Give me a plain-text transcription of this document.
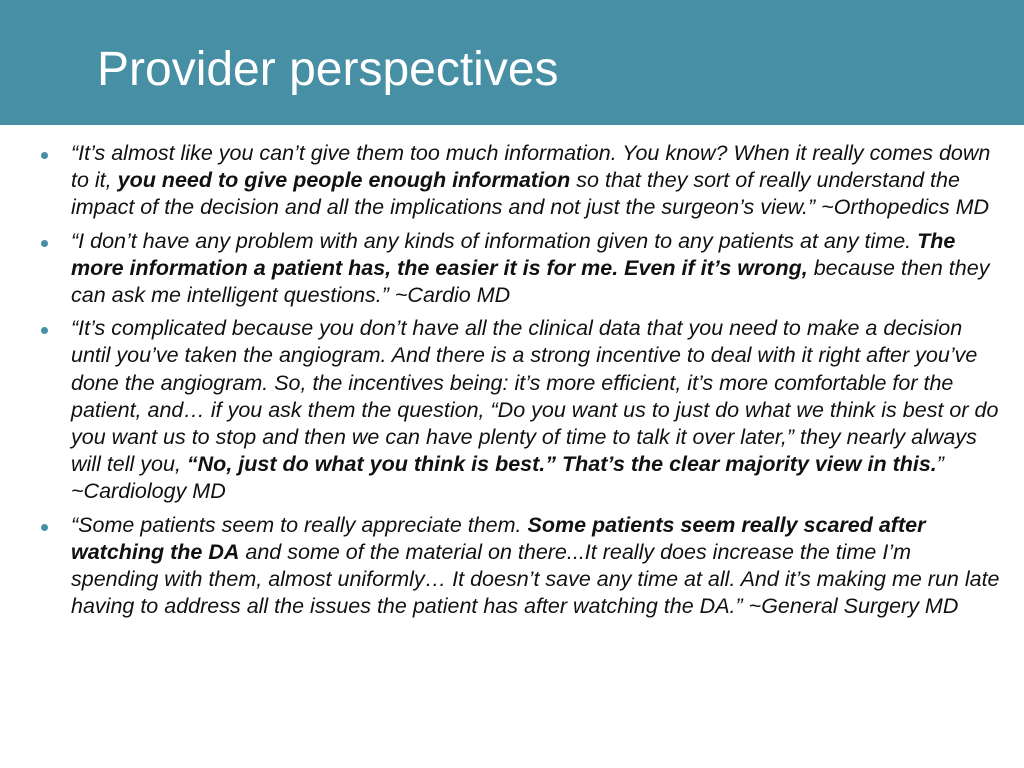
Provider perspectives
“It’s almost like you can’t give them too much information. You know? When it really comes down to it, you need to give people enough information so that they sort of really understand the impact of the decision and all the implications and not just the surgeon’s view.” ~Orthopedics MD
“I don’t have any problem with any kinds of information given to any patients at any time. The more information a patient has, the easier it is for me. Even if it’s wrong, because then they can ask me intelligent questions.” ~Cardio MD
“It’s complicated because you don’t have all the clinical data that you need to make a decision until you’ve taken the angiogram. And there is a strong incentive to deal with it right after you’ve done the angiogram. So, the incentives being: it’s more efficient, it’s more comfortable for the patient, and… if you ask them the question, “Do you want us to just do what we think is best or do you want us to stop and then we can have plenty of time to talk it over later,” they nearly always will tell you, “No, just do what you think is best.” That’s the clear majority view in this.” ~Cardiology MD
“Some patients seem to really appreciate them. Some patients seem really scared after watching the DA and some of the material on there...It really does increase the time I’m spending with them, almost uniformly… It doesn’t save any time at all. And it’s making me run late having to address all the issues the patient has after watching the DA.” ~General Surgery MD
